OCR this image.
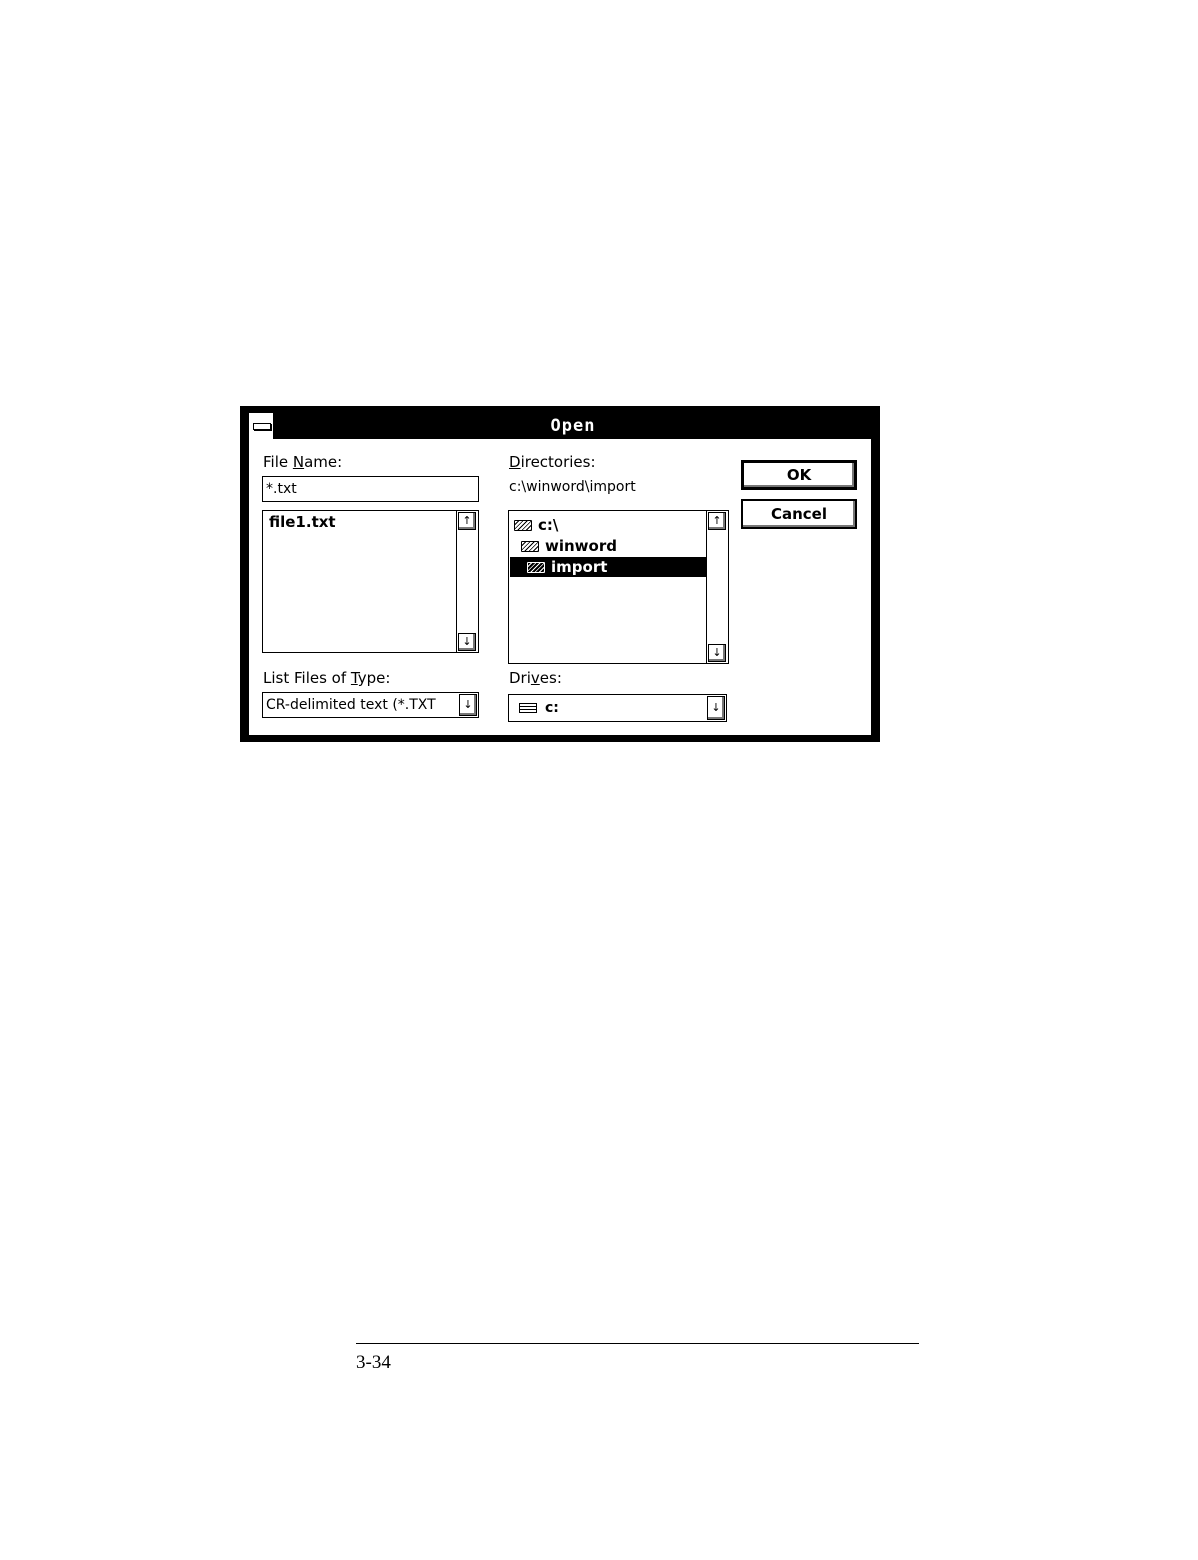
Open
File Name:
*.txt
file1.txt	↑
↓
List Files of Type:
CR-delimited text (*.TXT	↓
Directories:
c:\winword\import
c:\
winword
import
↑
↓
Drives:
c:	↓
OK
Cancel
3-34
